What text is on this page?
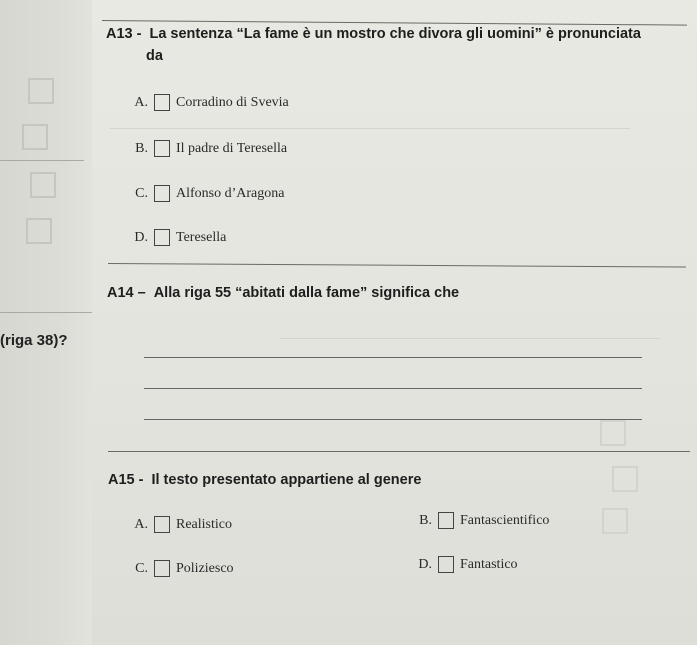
(riga 38)?
A13 - La sentenza “La fame è un mostro che divora gli uomini” è pronunciata
da
A. Corradino di Svevia
B. Il padre di Teresella
C. Alfonso d’Aragona
D. Teresella
A14 – Alla riga 55 “abitati dalla fame” significa che
A15 - Il testo presentato appartiene al genere
A. Realistico	B. Fantascientifico
C. Poliziesco	D. Fantastico
